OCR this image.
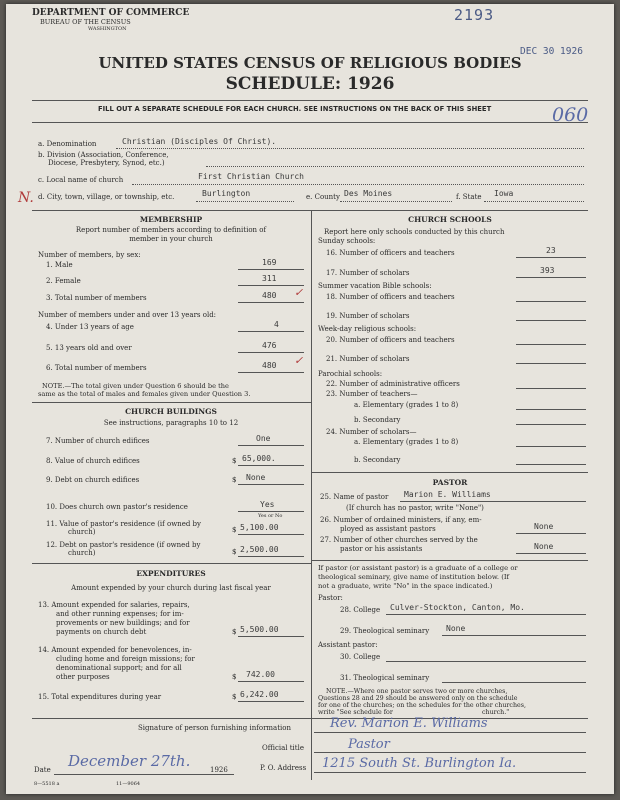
DEPARTMENT OF COMMERCE
BUREAU OF THE CENSUS
WASHINGTON
2193
DEC 30 1926
060
N.
UNITED STATES CENSUS OF RELIGIOUS BODIES
SCHEDULE: 1926
FILL OUT A SEPARATE SCHEDULE FOR EACH CHURCH. SEE INSTRUCTIONS ON THE BACK OF THIS SHEET
a. Denomination	Christian (Disciples Of Christ).
b. Division (Association, Conference,
Diocese, Presbytery, Synod, etc.)
c. Local name of church	First Christian Church
d. City, town, village, or township, etc.	Burlington	e. County Des Moines	f. State Iowa
MEMBERSHIP
Report number of members according to definition of
member in your church
Number of members, by sex:
1. Male	169
2. Female	311
3. Total number of members	480 ✓
Number of members under and over 13 years old:
4. Under 13 years of age	4
5. 13 years old and over	476
6. Total number of members	480 ✓
NOTE.—The total given under Question 6 should be the
same as the total of males and females given under Question 3.
CHURCH BUILDINGS
See instructions, paragraphs 10 to 12
7. Number of church edifices	One
8. Value of church edifices	$ 65,000.
9. Debt on church edifices	$ None
10. Does church own pastor's residence	Yes
Yes or No
11. Value of pastor's residence (if owned by
church)	$ 5,100.00
12. Debt on pastor's residence (if owned by
church)	$ 2,500.00
EXPENDITURES
Amount expended by your church during last fiscal year
13. Amount expended for salaries, repairs,
and other running expenses; for im-
provements or new buildings; and for
payments on church debt	$ 5,500.00
14. Amount expended for benevolences, in-
cluding home and foreign missions; for
denominational support; and for all
other purposes	$ 742.00
15. Total expenditures during year	$ 6,242.00
CHURCH SCHOOLS
Report here only schools conducted by this church
Sunday schools:
16. Number of officers and teachers	23
17. Number of scholars	393
Summer vacation Bible schools:
18. Number of officers and teachers
19. Number of scholars
Week-day religious schools:
20. Number of officers and teachers
21. Number of scholars
Parochial schools:
22. Number of administrative officers
23. Number of teachers—
a. Elementary (grades 1 to 8)
b. Secondary
24. Number of scholars—
a. Elementary (grades 1 to 8)
b. Secondary
PASTOR
25. Name of pastor Marion E. Williams
(If church has no pastor, write "None")
26. Number of ordained ministers, if any, em-
ployed as assistant pastors	None
27. Number of other churches served by the
pastor or his assistants	None
If pastor (or assistant pastor) is a graduate of a college or
theological seminary, give name of institution below. (If
not a graduate, write "No" in the space indicated.)
Pastor:
28. College Culver-Stockton, Canton, Mo.
29. Theological seminary None
Assistant pastor:
30. College
31. Theological seminary
NOTE.—Where one pastor serves two or more churches,
Questions 28 and 29 should be answered only on the schedule
for one of the churches; on the schedules for the other churches,
write "See schedule for	church."
Signature of person furnishing information	Rev. Marion E. Williams
Official title	Pastor
P. O. Address 1215 South St. Burlington Ia.
Date December 27th.	1926
8—5518 a	11—9064
